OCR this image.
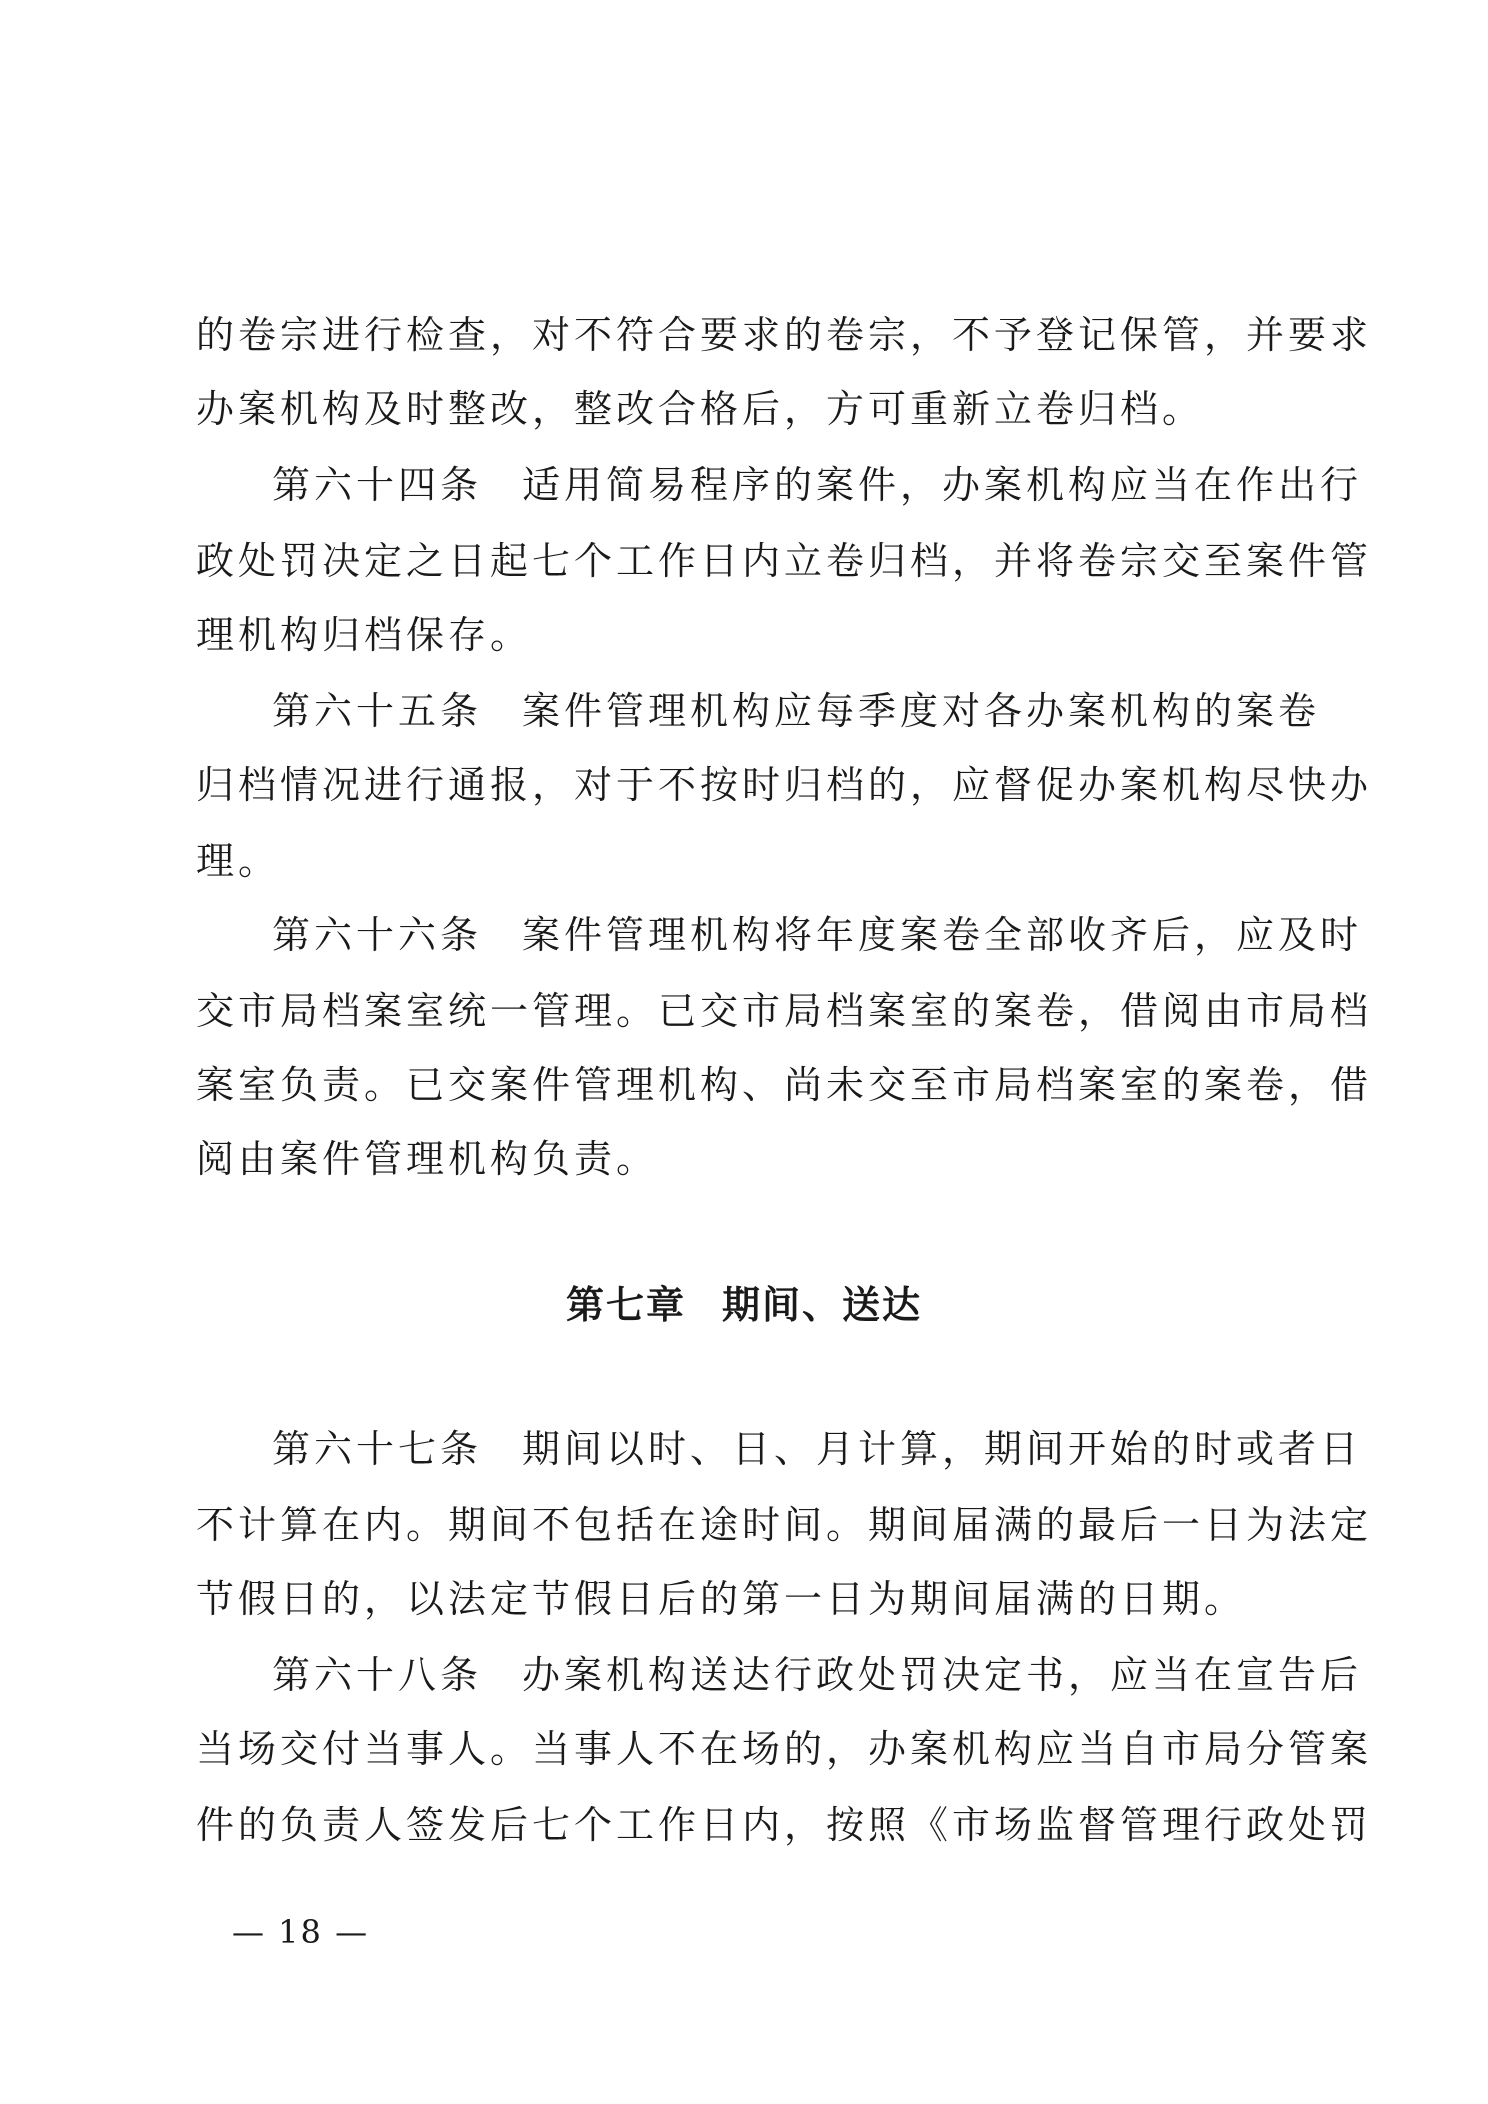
的卷宗进行检查，对不符合要求的卷宗，不予登记保管，并要求
办案机构及时整改，整改合格后，方可重新立卷归档。
第六十四条 适用简易程序的案件，办案机构应当在作出行
政处罚决定之日起七个工作日内立卷归档，并将卷宗交至案件管
理机构归档保存。
第六十五条 案件管理机构应每季度对各办案机构的案卷
归档情况进行通报，对于不按时归档的，应督促办案机构尽快办
理。
第六十六条 案件管理机构将年度案卷全部收齐后，应及时
交市局档案室统一管理。已交市局档案室的案卷，借阅由市局档
案室负责。已交案件管理机构、尚未交至市局档案室的案卷，借
阅由案件管理机构负责。
第七章 期间、送达
第六十七条 期间以时、日、月计算，期间开始的时或者日
不计算在内。期间不包括在途时间。期间届满的最后一日为法定
节假日的，以法定节假日后的第一日为期间届满的日期。
第六十八条 办案机构送达行政处罚决定书，应当在宣告后
当场交付当事人。当事人不在场的，办案机构应当自市局分管案
件的负责人签发后七个工作日内，按照《市场监督管理行政处罚
— 18 —
